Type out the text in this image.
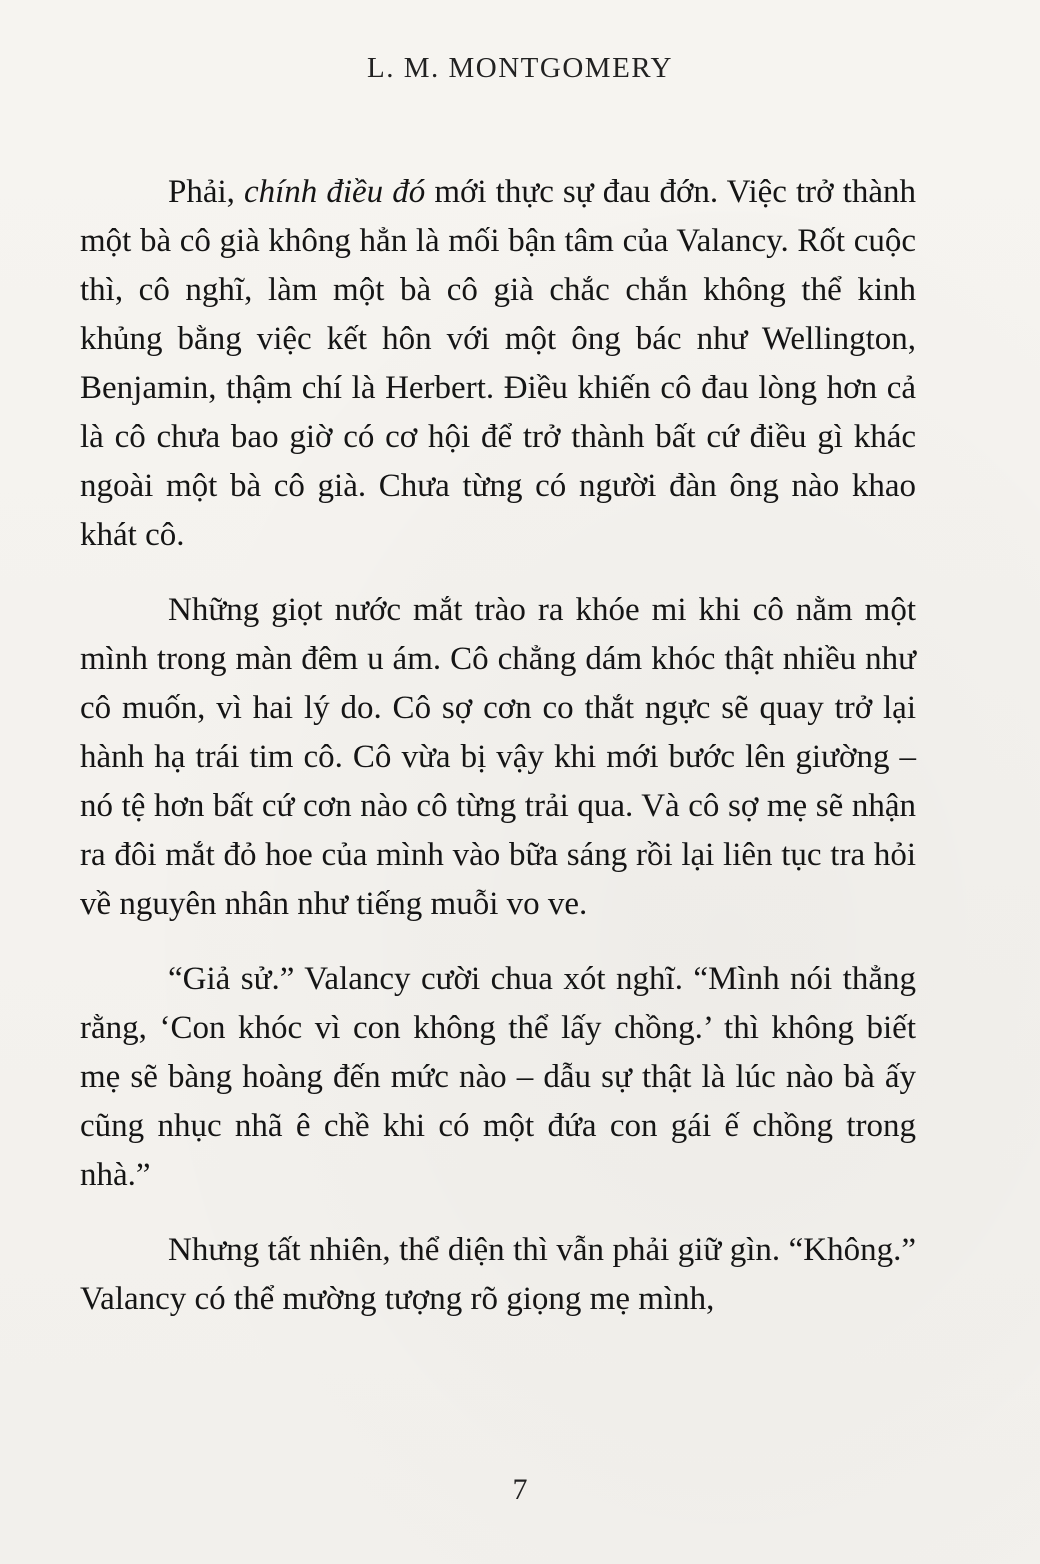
L. M. MONTGOMERY

Phải, chính điều đó mới thực sự đau đớn. Việc trở thành một bà cô già không hẳn là mối bận tâm của Valancy. Rốt cuộc thì, cô nghĩ, làm một bà cô già chắc chắn không thể kinh khủng bằng việc kết hôn với một ông bác như Wellington, Benjamin, thậm chí là Herbert. Điều khiến cô đau lòng hơn cả là cô chưa bao giờ có cơ hội để trở thành bất cứ điều gì khác ngoài một bà cô già. Chưa từng có người đàn ông nào khao khát cô.

Những giọt nước mắt trào ra khóe mi khi cô nằm một mình trong màn đêm u ám. Cô chẳng dám khóc thật nhiều như cô muốn, vì hai lý do. Cô sợ cơn co thắt ngực sẽ quay trở lại hành hạ trái tim cô. Cô vừa bị vậy khi mới bước lên giường – nó tệ hơn bất cứ cơn nào cô từng trải qua. Và cô sợ mẹ sẽ nhận ra đôi mắt đỏ hoe của mình vào bữa sáng rồi lại liên tục tra hỏi về nguyên nhân như tiếng muỗi vo ve.

“Giả sử.” Valancy cười chua xót nghĩ. “Mình nói thẳng rằng, ‘Con khóc vì con không thể lấy chồng.’ thì không biết mẹ sẽ bàng hoàng đến mức nào – dẫu sự thật là lúc nào bà ấy cũng nhục nhã ê chề khi có một đứa con gái ế chồng trong nhà.”

Nhưng tất nhiên, thể diện thì vẫn phải giữ gìn. “Không.” Valancy có thể mường tượng rõ giọng mẹ mình,

7
